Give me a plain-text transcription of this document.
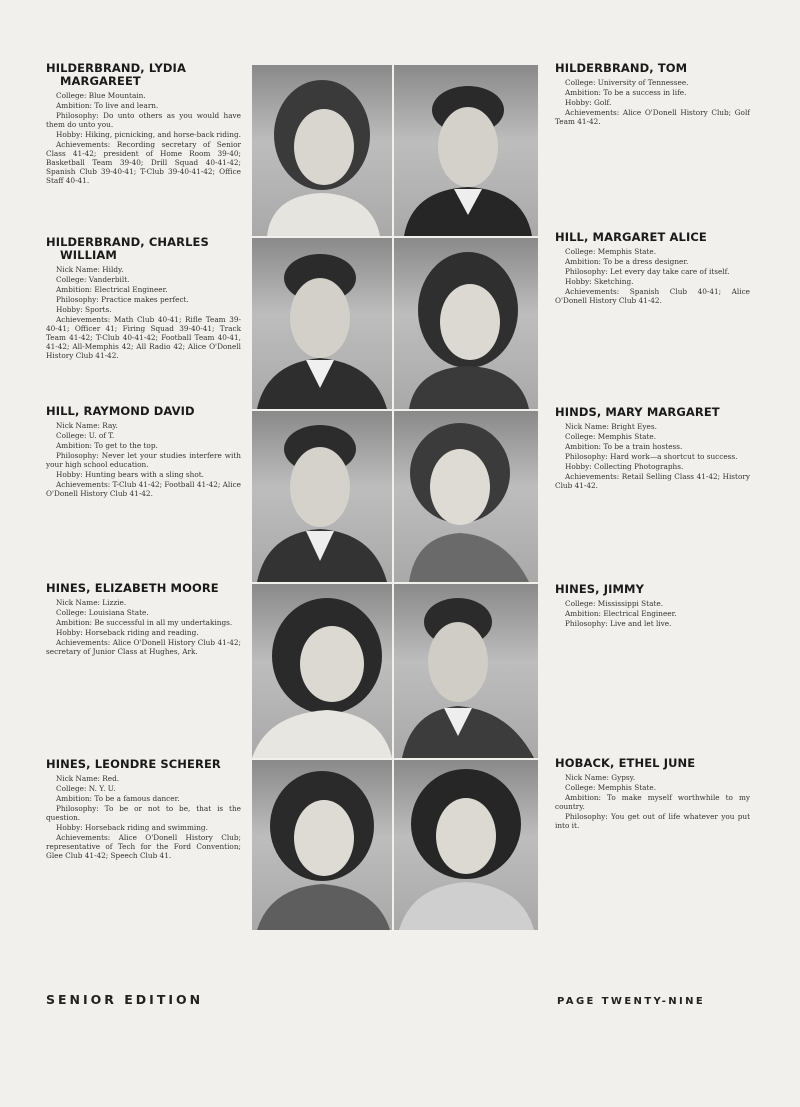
HILDERBRAND, LYDIA
MARGAREET

College: Blue Mountain.

Ambition: To live and learn.

Philosophy: Do unto others as you would have them do unto you.

Hobby: Hiking, picnicking, and horse-back riding.

Achievements: Recording secretary of Senior Class 41-42; president of Home Room 39-40; Basketball Team 39-40; Drill Squad 40-41-42; Spanish Club 39-40-41; T-Club 39-40-41-42; Office Staff 40-41.

HILDERBRAND, CHARLES
WILLIAM

Nick Name: Hildy.

College: Vanderbilt.

Ambition: Electrical Engineer.

Philosophy: Practice makes perfect.

Hobby: Sports.

Achievements: Math Club 40-41; Rifle Team 39-40-41; Officer 41; Firing Squad 39-40-41; Track Team 41-42; T-Club 40-41-42; Football Team 40-41, 41-42; All-Memphis 42; All Radio 42; Alice O'Donell History Club 41-42.

HILL, RAYMOND DAVID

Nick Name: Ray.

College: U. of T.

Ambition: To get to the top.

Philosophy: Never let your studies interfere with your high school education.

Hobby: Hunting bears with a sling shot.

Achievements: T-Club 41-42; Football 41-42; Alice O'Donell History Club 41-42.

HINES, ELIZABETH MOORE

Nick Name: Lizzie.

College: Louisiana State.

Ambition: Be successful in all my undertakings.

Hobby: Horseback riding and reading.

Achievements: Alice O'Donell History Club 41-42; secretary of Junior Class at Hughes, Ark.

HINES, LEONDRE SCHERER

Nick Name: Red.

College: N. Y. U.

Ambition: To be a famous dancer.

Philosophy: To be or not to be, that is the question.

Hobby: Horseback riding and swimming.

Achievements: Alice O'Donell History Club; representative of Tech for the Ford Convention; Glee Club 41-42; Speech Club 41.

HILDERBRAND, TOM

College: University of Tennessee.

Ambition: To be a success in life.

Hobby: Golf.

Achievements: Alice O'Donell History Club; Golf Team 41-42.

HILL, MARGARET ALICE

College: Memphis State.

Ambition: To be a dress designer.

Philosophy: Let every day take care of itself.

Hobby: Sketching.

Achievements: Spanish Club 40-41; Alice O'Donell History Club 41-42.

HINDS, MARY MARGARET

Nick Name: Bright Eyes.

College: Memphis State.

Ambition: To be a train hostess.

Philosophy: Hard work—a shortcut to success.

Hobby: Collecting Photographs.

Achievements: Retail Selling Class 41-42; History Club 41-42.

HINES, JIMMY

College: Mississippi State.

Ambition: Electrical Engineer.

Philosophy: Live and let live.

HOBACK, ETHEL JUNE

Nick Name: Gypsy.

College: Memphis State.

Ambition: To make myself worthwhile to my country.

Philosophy: You get out of life whatever you put into it.

SENIOR EDITION	PAGE TWENTY-NINE
